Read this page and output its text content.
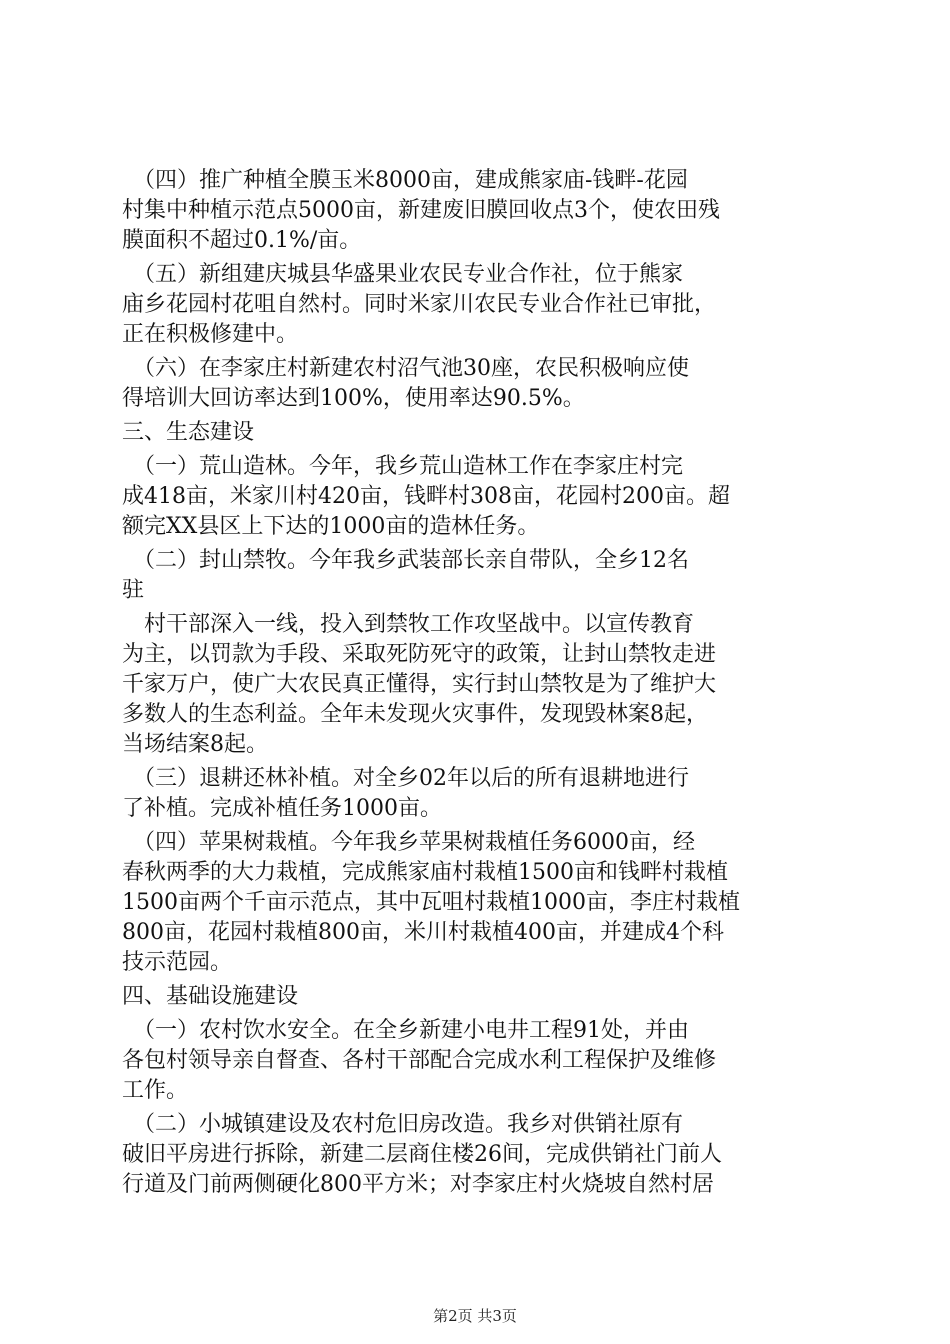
　（四）推广种植全膜玉米8000亩，建成熊家庙-钱畔-花园
村集中种植示范点5000亩，新建废旧膜回收点3个，使农田残
膜面积不超过0.1%/亩。
　（五）新组建庆城县华盛果业农民专业合作社，位于熊家
庙乡花园村花咀自然村。同时米家川农民专业合作社已审批，
正在积极修建中。
　（六）在李家庄村新建农村沼气池30座，农民积极响应使
得培训大回访率达到100%，使用率达90.5%。
三、生态建设
　（一）荒山造林。今年，我乡荒山造林工作在李家庄村完
成418亩，米家川村420亩，钱畔村308亩，花园村200亩。超
额完XX县区上下达的1000亩的造林任务。
　（二）封山禁牧。今年我乡武装部长亲自带队，全乡12名
驻
　村干部深入一线，投入到禁牧工作攻坚战中。以宣传教育
为主，以罚款为手段、采取死防死守的政策，让封山禁牧走进
千家万户，使广大农民真正懂得，实行封山禁牧是为了维护大
多数人的生态利益。全年未发现火灾事件，发现毁林案8起，
当场结案8起。
　（三）退耕还林补植。对全乡02年以后的所有退耕地进行
了补植。完成补植任务1000亩。
　（四）苹果树栽植。今年我乡苹果树栽植任务6000亩，经
春秋两季的大力栽植，完成熊家庙村栽植1500亩和钱畔村栽植
1500亩两个千亩示范点，其中瓦咀村栽植1000亩，李庄村栽植
800亩，花园村栽植800亩，米川村栽植400亩，并建成4个科
技示范园。
四、基础设施建设
　（一）农村饮水安全。在全乡新建小电井工程91处，并由
各包村领导亲自督查、各村干部配合完成水利工程保护及维修
工作。
　（二）小城镇建设及农村危旧房改造。我乡对供销社原有
破旧平房进行拆除，新建二层商住楼26间，完成供销社门前人
行道及门前两侧硬化800平方米；对李家庄村火烧坡自然村居
第2页 共3页
